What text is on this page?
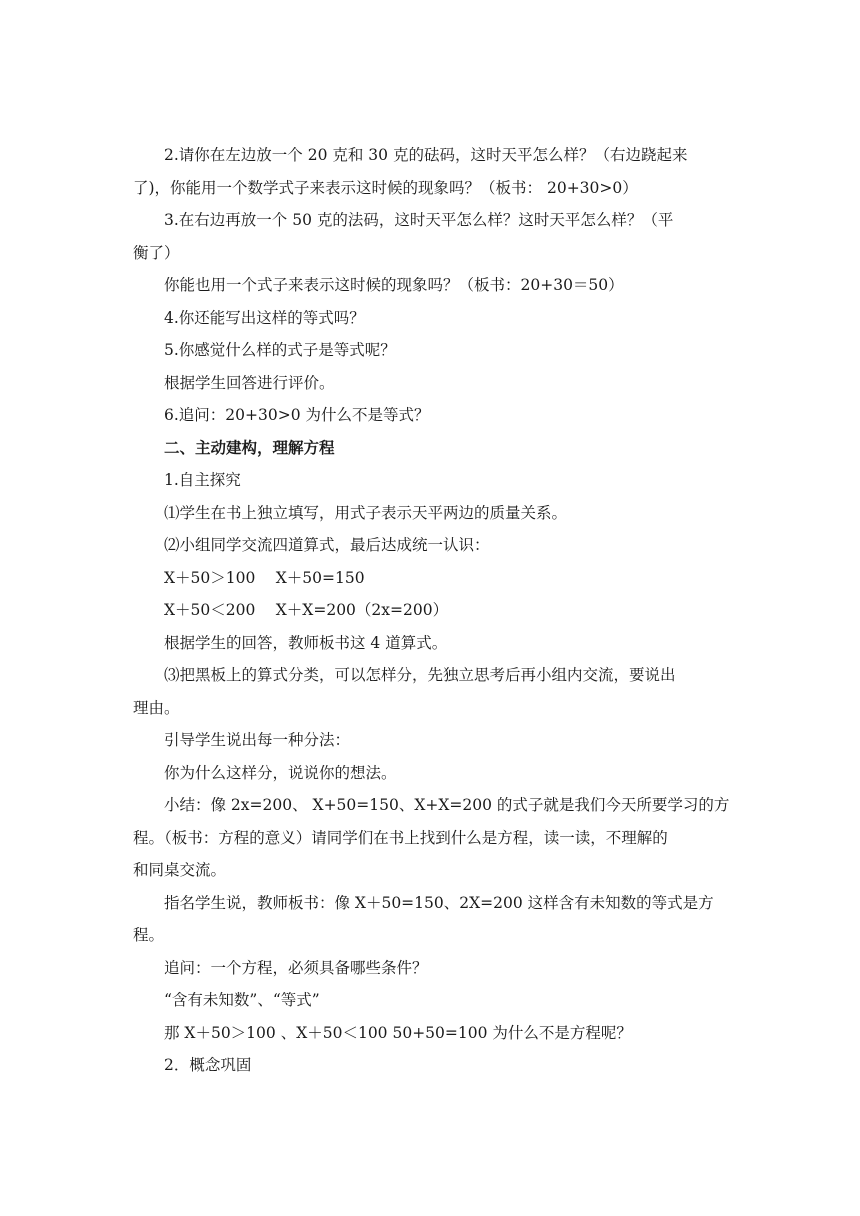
2.请你在左边放一个 20 克和 30 克的砝码，这时天平怎么样？（右边跷起来

了)，你能用一个数学式子来表示这时候的现象吗？（板书： 20+30>0）

3.在右边再放一个 50 克的法码，这时天平怎么样？这时天平怎么样？（平

衡了）

你能也用一个式子来表示这时候的现象吗？（板书：20+30＝50）

4.你还能写出这样的等式吗？

5.你感觉什么样的式子是等式呢？

根据学生回答进行评价。

6.追问：20+30>0 为什么不是等式？

二、主动建构，理解方程

1.自主探究

⑴学生在书上独立填写，用式子表示天平两边的质量关系。

⑵小组同学交流四道算式，最后达成统一认识：

X＋50＞100　 X＋50=150

X＋50＜200　 X＋X=200（2x=200）

根据学生的回答，教师板书这 4 道算式。

⑶把黑板上的算式分类，可以怎样分，先独立思考后再小组内交流，要说出

理由。

引导学生说出每一种分法：

你为什么这样分，说说你的想法。

小结：像 2x=200、 X+50=150、X+X=200 的式子就是我们今天所要学习的方

程。（板书：方程的意义）请同学们在书上找到什么是方程，读一读，不理解的

和同桌交流。

指名学生说，教师板书：像 X＋50=150、2X=200 这样含有未知数的等式是方

程。

追问：一个方程，必须具备哪些条件？

“含有未知数”、“等式”

那 X＋50＞100 、X＋50＜100 50+50=100 为什么不是方程呢？

2．概念巩固
